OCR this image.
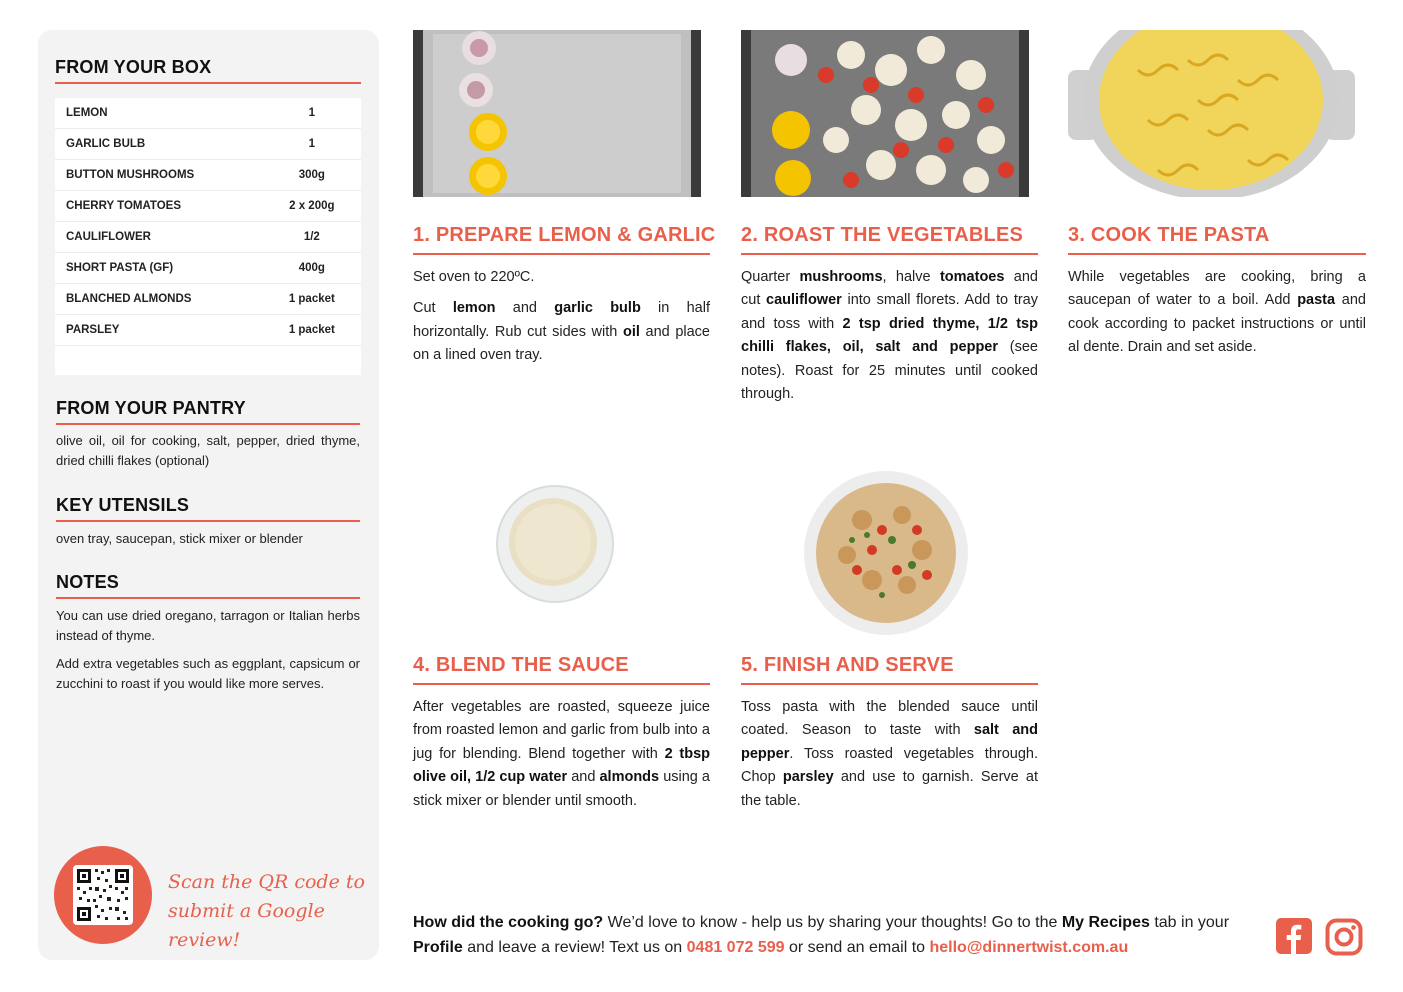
FROM YOUR BOX
LEMON	1
GARLIC BULB	1
BUTTON MUSHROOMS	300g
CHERRY TOMATOES	2 x 200g
CAULIFLOWER	1/2
SHORT PASTA (GF)	400g
BLANCHED ALMONDS	1 packet
PARSLEY	1 packet
FROM YOUR PANTRY
olive oil, oil for cooking, salt, pepper, dried thyme, dried chilli flakes (optional)
KEY UTENSILS
oven tray, saucepan, stick mixer or blender
NOTES

You can use dried oregano, tarragon or Italian herbs instead of thyme.

Add extra vegetables such as eggplant, capsicum or zucchini to roast if you would like more serves.

Scan the QR code to
submit a Google review!
1. PREPARE LEMON & GARLIC

Set oven to 220ºC.

Cut lemon and garlic bulb in half horizontally. Rub cut sides with oil and place on a lined oven tray.

2. ROAST THE VEGETABLES

Quarter mushrooms, halve tomatoes and cut cauliflower into small florets. Add to tray and toss with 2 tsp dried thyme, 1/2 tsp chilli flakes, oil, salt and pepper (see notes). Roast for 25 minutes until cooked through.

3. COOK THE PASTA

While vegetables are cooking, bring a saucepan of water to a boil. Add pasta and cook according to packet instructions or until al dente. Drain and set aside.

4. BLEND THE SAUCE

After vegetables are roasted, squeeze juice from roasted lemon and garlic from bulb into a jug for blending. Blend together with 2 tbsp olive oil, 1/2 cup water and almonds using a stick mixer or blender until smooth.

5. FINISH AND SERVE

Toss pasta with the blended sauce until coated. Season to taste with salt and pepper. Toss roasted vegetables through. Chop parsley and use to garnish. Serve at the table.

How did the cooking go? We’d love to know - help us by sharing your thoughts! Go to the My Recipes tab in your Profile and leave a review! Text us on 0481 072 599 or send an email to hello@dinnertwist.com.au
